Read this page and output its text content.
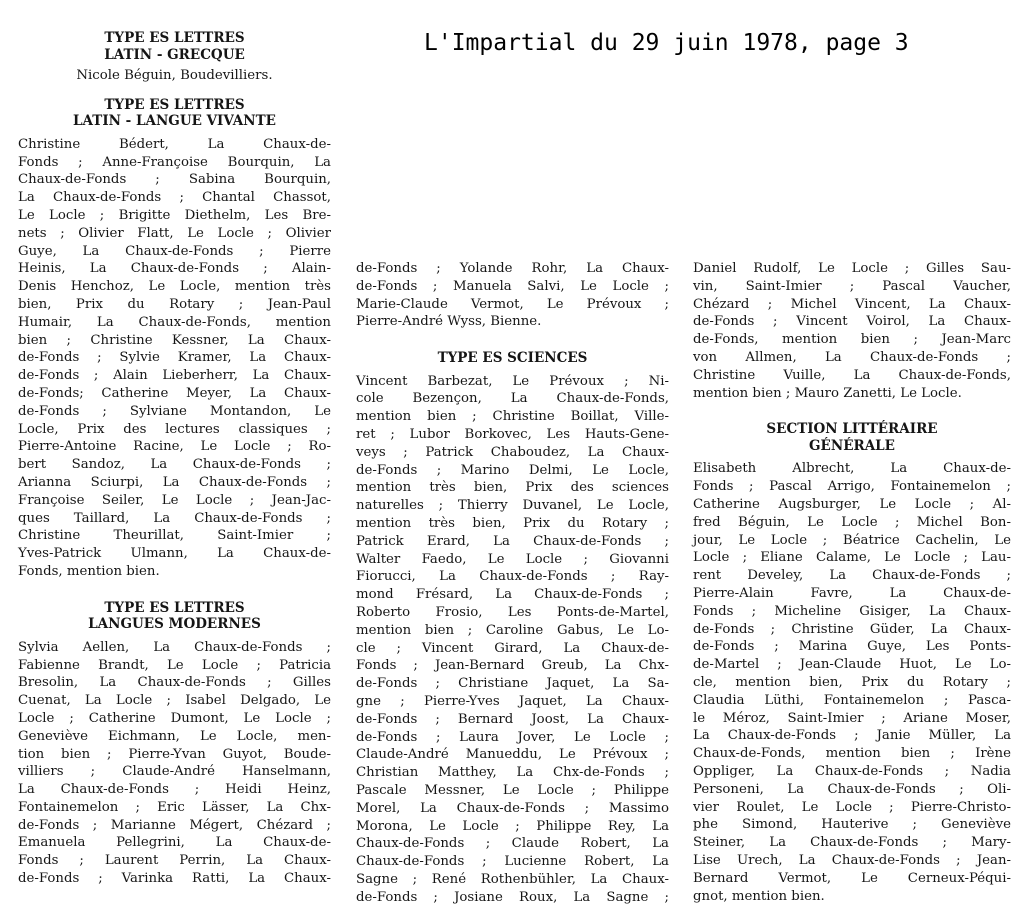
L'Impartial du 29 juin 1978, page 3
TYPE ES LETTRES
LATIN - GRECQUE
Nicole Béguin, Boudevilliers.
TYPE ES LETTRES
LATIN - LANGUE VIVANTE
Christine Bédert, La Chaux-de-
Fonds ; Anne-Françoise Bourquin, La
Chaux-de-Fonds ; Sabina Bourquin,
La Chaux-de-Fonds ; Chantal Chassot,
Le Locle ; Brigitte Diethelm, Les Bre-
nets ; Olivier Flatt, Le Locle ; Olivier
Guye, La Chaux-de-Fonds ; Pierre
Heinis, La Chaux-de-Fonds ; Alain-
Denis Henchoz, Le Locle, mention très
bien, Prix du Rotary ; Jean-Paul
Humair, La Chaux-de-Fonds, mention
bien ; Christine Kessner, La Chaux-
de-Fonds ; Sylvie Kramer, La Chaux-
de-Fonds ; Alain Lieberherr, La Chaux-
de-Fonds; Catherine Meyer, La Chaux-
de-Fonds ; Sylviane Montandon, Le
Locle, Prix des lectures classiques ;
Pierre-Antoine Racine, Le Locle ; Ro-
bert Sandoz, La Chaux-de-Fonds ;
Arianna Sciurpi, La Chaux-de-Fonds ;
Françoise Seiler, Le Locle ; Jean-Jac-
ques Taillard, La Chaux-de-Fonds ;
Christine Theurillat, Saint-Imier ;
Yves-Patrick Ulmann, La Chaux-de-
Fonds, mention bien.
TYPE ES LETTRES
LANGUES MODERNES
Sylvia Aellen, La Chaux-de-Fonds ;
Fabienne Brandt, Le Locle ; Patricia
Bresolin, La Chaux-de-Fonds ; Gilles
Cuenat, La Locle ; Isabel Delgado, Le
Locle ; Catherine Dumont, Le Locle ;
Geneviève Eichmann, Le Locle, men-
tion bien ; Pierre-Yvan Guyot, Boude-
villiers ; Claude-André Hanselmann,
La Chaux-de-Fonds ; Heidi Heinz,
Fontainemelon ; Eric Lässer, La Chx-
de-Fonds ; Marianne Mégert, Chézard ;
Emanuela Pellegrini, La Chaux-de-
Fonds ; Laurent Perrin, La Chaux-
de-Fonds ; Varinka Ratti, La Chaux-
de-Fonds ; Yolande Rohr, La Chaux-
de-Fonds ; Manuela Salvi, Le Locle ;
Marie-Claude Vermot, Le Prévoux ;
Pierre-André Wyss, Bienne.
TYPE ES SCIENCES
Vincent Barbezat, Le Prévoux ; Ni-
cole Bezençon, La Chaux-de-Fonds,
mention bien ; Christine Boillat, Ville-
ret ; Lubor Borkovec, Les Hauts-Gene-
veys ; Patrick Chaboudez, La Chaux-
de-Fonds ; Marino Delmi, Le Locle,
mention très bien, Prix des sciences
naturelles ; Thierry Duvanel, Le Locle,
mention très bien, Prix du Rotary ;
Patrick Erard, La Chaux-de-Fonds ;
Walter Faedo, Le Locle ; Giovanni
Fiorucci, La Chaux-de-Fonds ; Ray-
mond Frésard, La Chaux-de-Fonds ;
Roberto Frosio, Les Ponts-de-Martel,
mention bien ; Caroline Gabus, Le Lo-
cle ; Vincent Girard, La Chaux-de-
Fonds ; Jean-Bernard Greub, La Chx-
de-Fonds ; Christiane Jaquet, La Sa-
gne ; Pierre-Yves Jaquet, La Chaux-
de-Fonds ; Bernard Joost, La Chaux-
de-Fonds ; Laura Jover, Le Locle ;
Claude-André Manueddu, Le Prévoux ;
Christian Matthey, La Chx-de-Fonds ;
Pascale Messner, Le Locle ; Philippe
Morel, La Chaux-de-Fonds ; Massimo
Morona, Le Locle ; Philippe Rey, La
Chaux-de-Fonds ; Claude Robert, La
Chaux-de-Fonds ; Lucienne Robert, La
Sagne ; René Rothenbühler, La Chaux-
de-Fonds ; Josiane Roux, La Sagne ;
Daniel Rudolf, Le Locle ; Gilles Sau-
vin, Saint-Imier ; Pascal Vaucher,
Chézard ; Michel Vincent, La Chaux-
de-Fonds ; Vincent Voirol, La Chaux-
de-Fonds, mention bien ; Jean-Marc
von Allmen, La Chaux-de-Fonds ;
Christine Vuille, La Chaux-de-Fonds,
mention bien ; Mauro Zanetti, Le Locle.
SECTION LITTÉRAIRE
GÉNÉRALE
Elisabeth Albrecht, La Chaux-de-
Fonds ; Pascal Arrigo, Fontainemelon ;
Catherine Augsburger, Le Locle ; Al-
fred Béguin, Le Locle ; Michel Bon-
jour, Le Locle ; Béatrice Cachelin, Le
Locle ; Eliane Calame, Le Locle ; Lau-
rent Develey, La Chaux-de-Fonds ;
Pierre-Alain Favre, La Chaux-de-
Fonds ; Micheline Gisiger, La Chaux-
de-Fonds ; Christine Güder, La Chaux-
de-Fonds ; Marina Guye, Les Ponts-
de-Martel ; Jean-Claude Huot, Le Lo-
cle, mention bien, Prix du Rotary ;
Claudia Lüthi, Fontainemelon ; Pasca-
le Méroz, Saint-Imier ; Ariane Moser,
La Chaux-de-Fonds ; Janie Müller, La
Chaux-de-Fonds, mention bien ; Irène
Oppliger, La Chaux-de-Fonds ; Nadia
Personeni, La Chaux-de-Fonds ; Oli-
vier Roulet, Le Locle ; Pierre-Christo-
phe Simond, Hauterive ; Geneviève
Steiner, La Chaux-de-Fonds ; Mary-
Lise Urech, La Chaux-de-Fonds ; Jean-
Bernard Vermot, Le Cerneux-Péqui-
gnot, mention bien.
